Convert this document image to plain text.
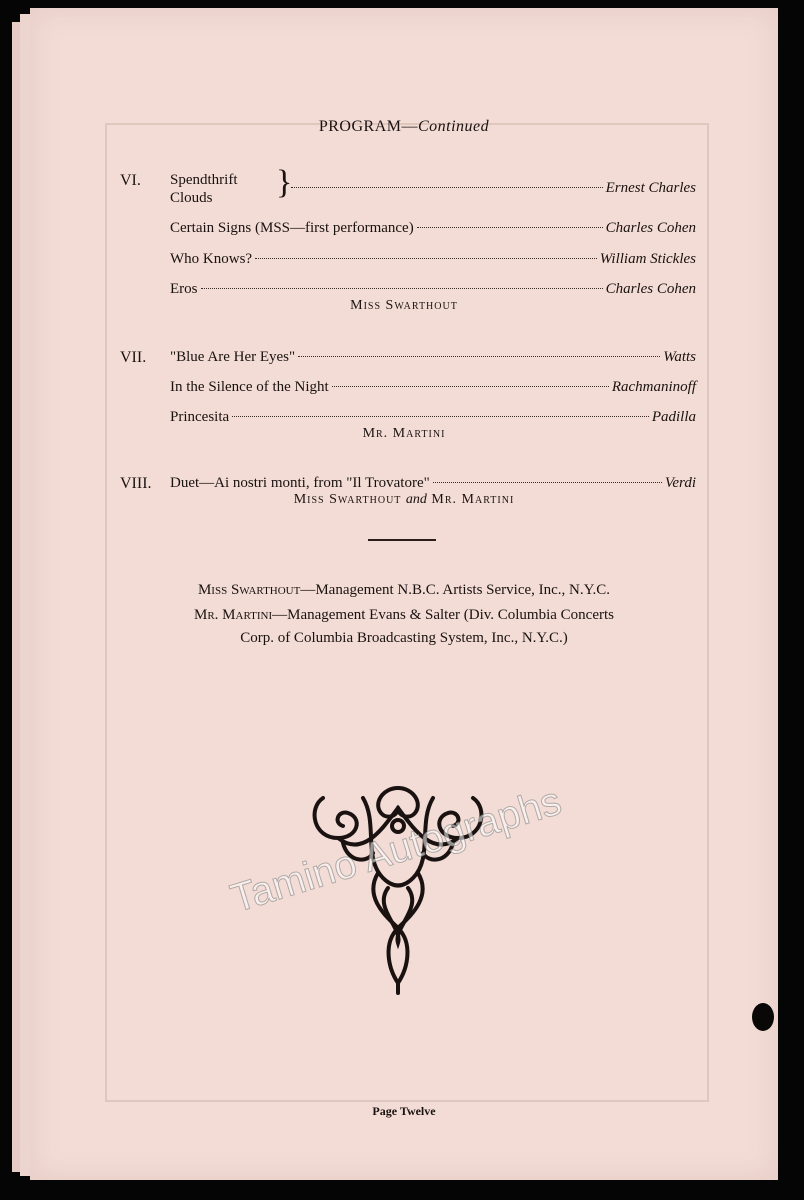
PROGRAM—Continued
VI. Spendthrift
Clouds }	Ernest Charles
Certain Signs (MSS—first performance)	Charles Cohen
Who Knows?	William Stickles
Eros	Charles Cohen
Miss Swarthout
VII. "Blue Are Her Eyes"	Watts
In the Silence of the Night	Rachmaninoff
Princesita	Padilla
Mr. Martini
VIII. Duet—Ai nostri monti, from "Il Trovatore"	Verdi
Miss Swarthout and Mr. Martini
Miss Swarthout—Management N.B.C. Artists Service, Inc., N.Y.C.
Mr. Martini—Management Evans & Salter (Div. Columbia Concerts
Corp. of Columbia Broadcasting System, Inc., N.Y.C.)
Tamino Autographs
Page Twelve
